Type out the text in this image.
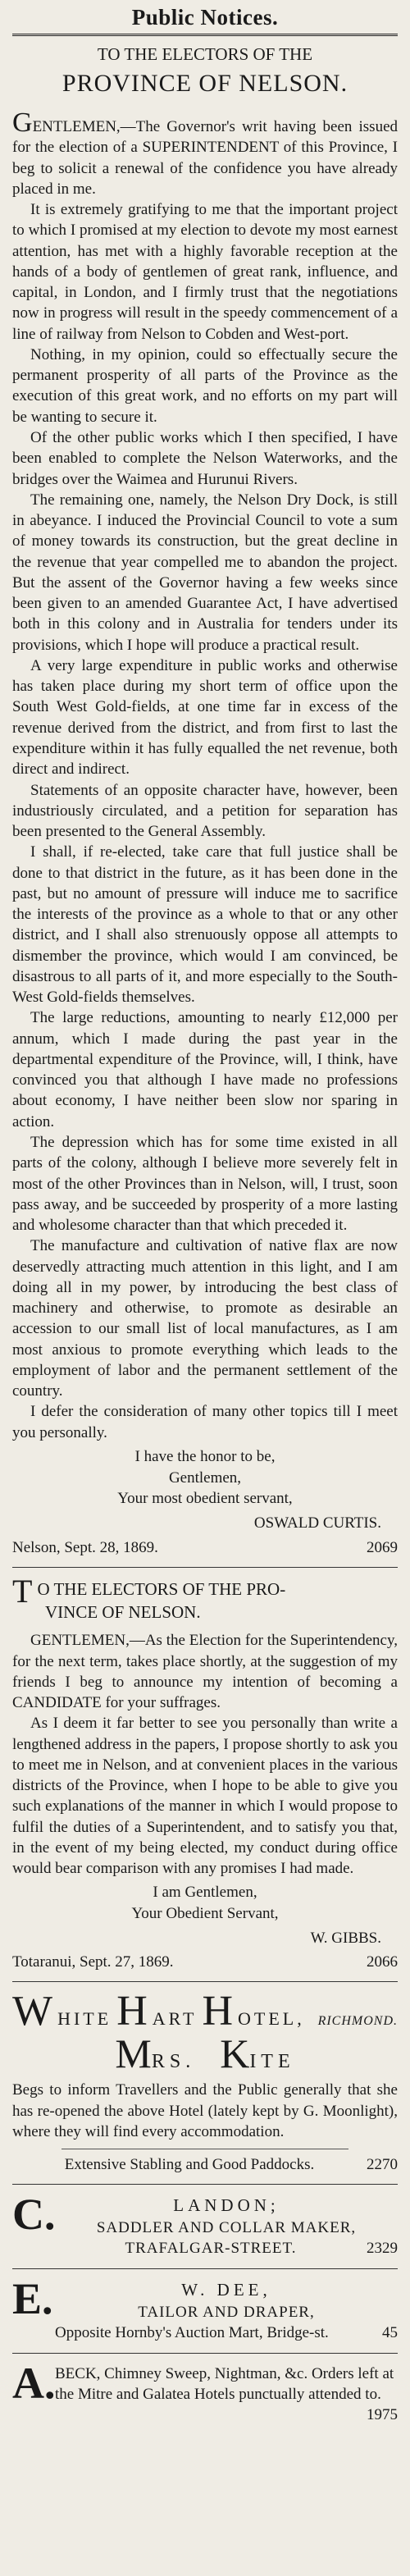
Public Notices.
TO THE ELECTORS OF THE
PROVINCE OF NELSON.

GENTLEMEN,—The Governor's writ having been issued for the election of a SUPERINTENDENT of this Province, I beg to solicit a renewal of the confidence you have already placed in me.

It is extremely gratifying to me that the important project to which I promised at my election to devote my most earnest attention, has met with a highly favorable reception at the hands of a body of gentlemen of great rank, influence, and capital, in London, and I firmly trust that the negotiations now in progress will result in the speedy commencement of a line of railway from Nelson to Cobden and West-port.

Nothing, in my opinion, could so effectually secure the permanent prosperity of all parts of the Province as the execution of this great work, and no efforts on my part will be wanting to secure it.

Of the other public works which I then specified, I have been enabled to complete the Nelson Waterworks, and the bridges over the Waimea and Hurunui Rivers.

The remaining one, namely, the Nelson Dry Dock, is still in abeyance. I induced the Provincial Council to vote a sum of money towards its construction, but the great decline in the revenue that year compelled me to abandon the project. But the assent of the Governor having a few weeks since been given to an amended Guarantee Act, I have advertised both in this colony and in Australia for tenders under its provisions, which I hope will produce a practical result.

A very large expenditure in public works and otherwise has taken place during my short term of office upon the South West Gold-fields, at one time far in excess of the revenue derived from the district, and from first to last the expenditure within it has fully equalled the net revenue, both direct and indirect.

Statements of an opposite character have, however, been industriously circulated, and a petition for separation has been presented to the General Assembly.

I shall, if re-elected, take care that full justice shall be done to that district in the future, as it has been done in the past, but no amount of pressure will induce me to sacrifice the interests of the province as a whole to that or any other district, and I shall also strenuously oppose all attempts to dismember the province, which would I am convinced, be disastrous to all parts of it, and more especially to the South-West Gold-fields themselves.

The large reductions, amounting to nearly £12,000 per annum, which I made during the past year in the departmental expenditure of the Province, will, I think, have convinced you that although I have made no professions about economy, I have neither been slow nor sparing in action.

The depression which has for some time existed in all parts of the colony, although I believe more severely felt in most of the other Provinces than in Nelson, will, I trust, soon pass away, and be succeeded by prosperity of a more lasting and wholesome character than that which preceded it.

The manufacture and cultivation of native flax are now deservedly attracting much attention in this light, and I am doing all in my power, by introducing the best class of machinery and otherwise, to promote as desirable an accession to our small list of local manufactures, as I am most anxious to promote everything which leads to the employment of labor and the permanent settlement of the country.

I defer the consideration of many other topics till I meet you personally.

I have the honor to be,
Gentlemen,
Your most obedient servant,
OSWALD CURTIS.
Nelson, Sept. 28, 1869.	2069
T O THE ELECTORS OF THE PRO-
VINCE OF NELSON.

GENTLEMEN,—As the Election for the Superintendency, for the next term, takes place shortly, at the suggestion of my friends I beg to announce my intention of becoming a CANDIDATE for your suffrages.

As I deem it far better to see you personally than write a lengthened address in the papers, I propose shortly to ask you to meet me in Nelson, and at convenient places in the various districts of the Province, when I hope to be able to give you such explanations of the manner in which I would propose to fulfil the duties of a Superintendent, and to satisfy you that, in the event of my being elected, my conduct during office would bear comparison with any promises I had made.

I am Gentlemen,
Your Obedient Servant,
W. GIBBS.
Totaranui, Sept. 27, 1869.	2066
W HITE H ART H OTEL, RICHMOND.
MRS. KITE

Begs to inform Travellers and the Public generally that she has re-opened the above Hotel (lately kept by G. Moonlight), where they will find every accommodation.

Extensive Stabling and Good Paddocks.	2270
C.	LANDON;
SADDLER AND COLLAR MAKER,
TRAFALGAR-STREET.	2329
E.	W. DEE,
TAILOR AND DRAPER,
Opposite Hornby's Auction Mart, Bridge-st.	45
A. BECK, Chimney Sweep, Nightman, &c. Orders left at the Mitre and Galatea Hotels punctually attended to.
1975
